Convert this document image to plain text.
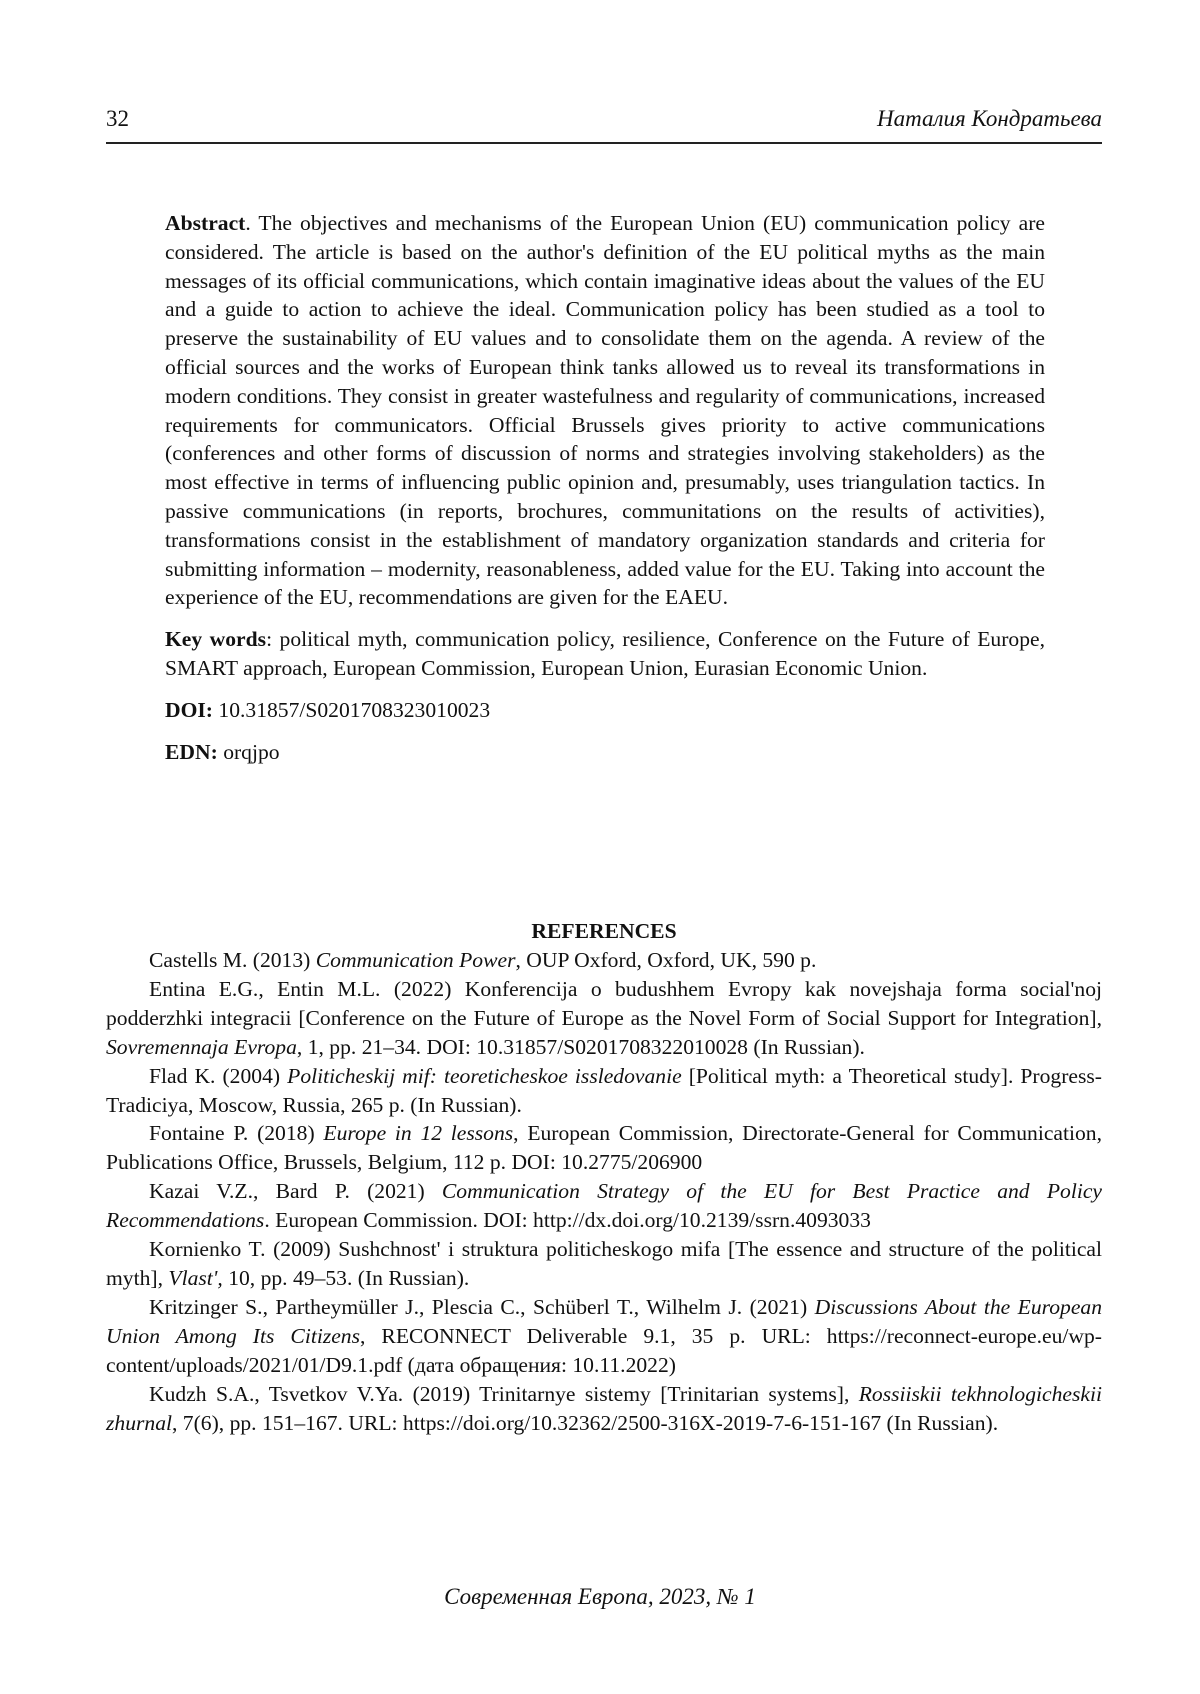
32	Наталия Кондратьева

Abstract. The objectives and mechanisms of the European Union (EU) communication policy are considered. The article is based on the author's definition of the EU political myths as the main messages of its official communications, which contain imaginative ideas about the values of the EU and a guide to action to achieve the ideal. Communication policy has been studied as a tool to preserve the sustainability of EU values and to consolidate them on the agenda. A review of the official sources and the works of European think tanks allowed us to reveal its transformations in modern conditions. They consist in greater wastefulness and regularity of communications, increased requirements for communicators. Official Brussels gives priority to active communications (conferences and other forms of discussion of norms and strategies involving stakeholders) as the most effective in terms of influencing public opinion and, presumably, uses triangulation tactics. In passive communications (in reports, brochures, communitations on the results of activities), transformations consist in the establishment of mandatory organization standards and criteria for submitting information – modernity, reasonableness, added value for the EU. Taking into account the experience of the EU, recommendations are given for the EAEU.

Key words: political myth, communication policy, resilience, Conference on the Future of Europe, SMART approach, European Commission, European Union, Eurasian Economic Union.

DOI: 10.31857/S0201708323010023

EDN: orqjpo

REFERENCES

Castells M. (2013) Communication Power, OUP Oxford, Oxford, UK, 590 p.

Entina E.G., Entin M.L. (2022) Konferencija o budushhem Evropy kak novejshaja forma social'noj podderzhki integracii [Conference on the Future of Europe as the Novel Form of Social Support for Integration], Sovremennaja Evropa, 1, pp. 21–34. DOI: 10.31857/S0201708322010028 (In Russian).

Flad K. (2004) Politicheskij mif: teoreticheskoe issledovanie [Political myth: a Theoretical study]. Progress-Tradiciya, Moscow, Russia, 265 p. (In Russian).

Fontaine P. (2018) Europe in 12 lessons, European Commission, Directorate-General for Communication, Publications Office, Brussels, Belgium, 112 p. DOI: 10.2775/206900

Kazai V.Z., Bard P. (2021) Communication Strategy of the EU for Best Practice and Policy Recommendations. European Commission. DOI: http://dx.doi.org/10.2139/ssrn.4093033

Kornienko T. (2009) Sushchnost' i struktura politicheskogo mifa [The essence and structure of the political myth], Vlast', 10, pp. 49–53. (In Russian).

Kritzinger S., Partheymüller J., Plescia C., Schüberl T., Wilhelm J. (2021) Discussions About the European Union Among Its Citizens, RECONNECT Deliverable 9.1, 35 p. URL: https://reconnect-europe.eu/wp-content/uploads/2021/01/D9.1.pdf (дата обращения: 10.11.2022)

Kudzh S.A., Tsvetkov V.Ya. (2019) Trinitarnye sistemy [Trinitarian systems], Rossiiskii tekhnologicheskii zhurnal, 7(6), pp. 151–167. URL: https://doi.org/10.32362/2500-316X-2019-7-6-151-167 (In Russian).

Современная Европа, 2023, № 1
